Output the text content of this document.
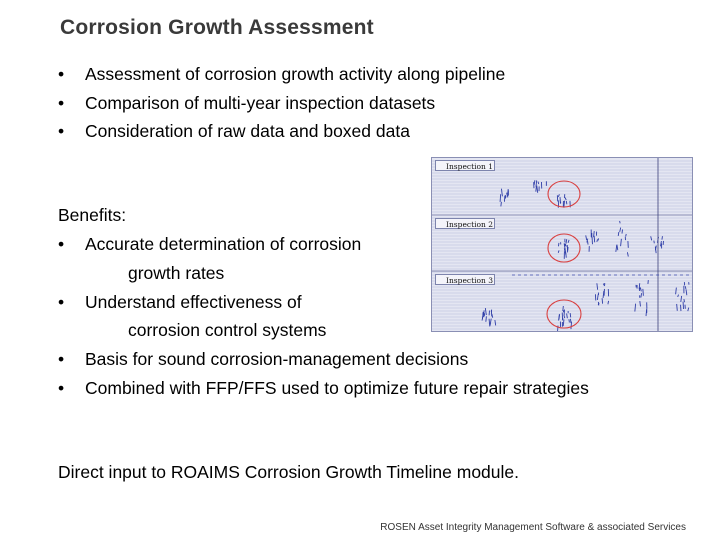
Corrosion Growth Assessment
• Assessment of corrosion growth activity along pipeline
• Comparison of multi-year inspection datasets
• Consideration of raw data and boxed data
Inspection 1
Inspection 2
Inspection 3
Benefits:
• Accurate determination of corrosion
growth rates
• Understand effectiveness of
corrosion control systems
• Basis for sound corrosion-management decisions
• Combined with FFP/FFS used to optimize future repair strategies
Direct input to ROAIMS Corrosion Growth Timeline module.
ROSEN Asset Integrity Management Software & associated Services
